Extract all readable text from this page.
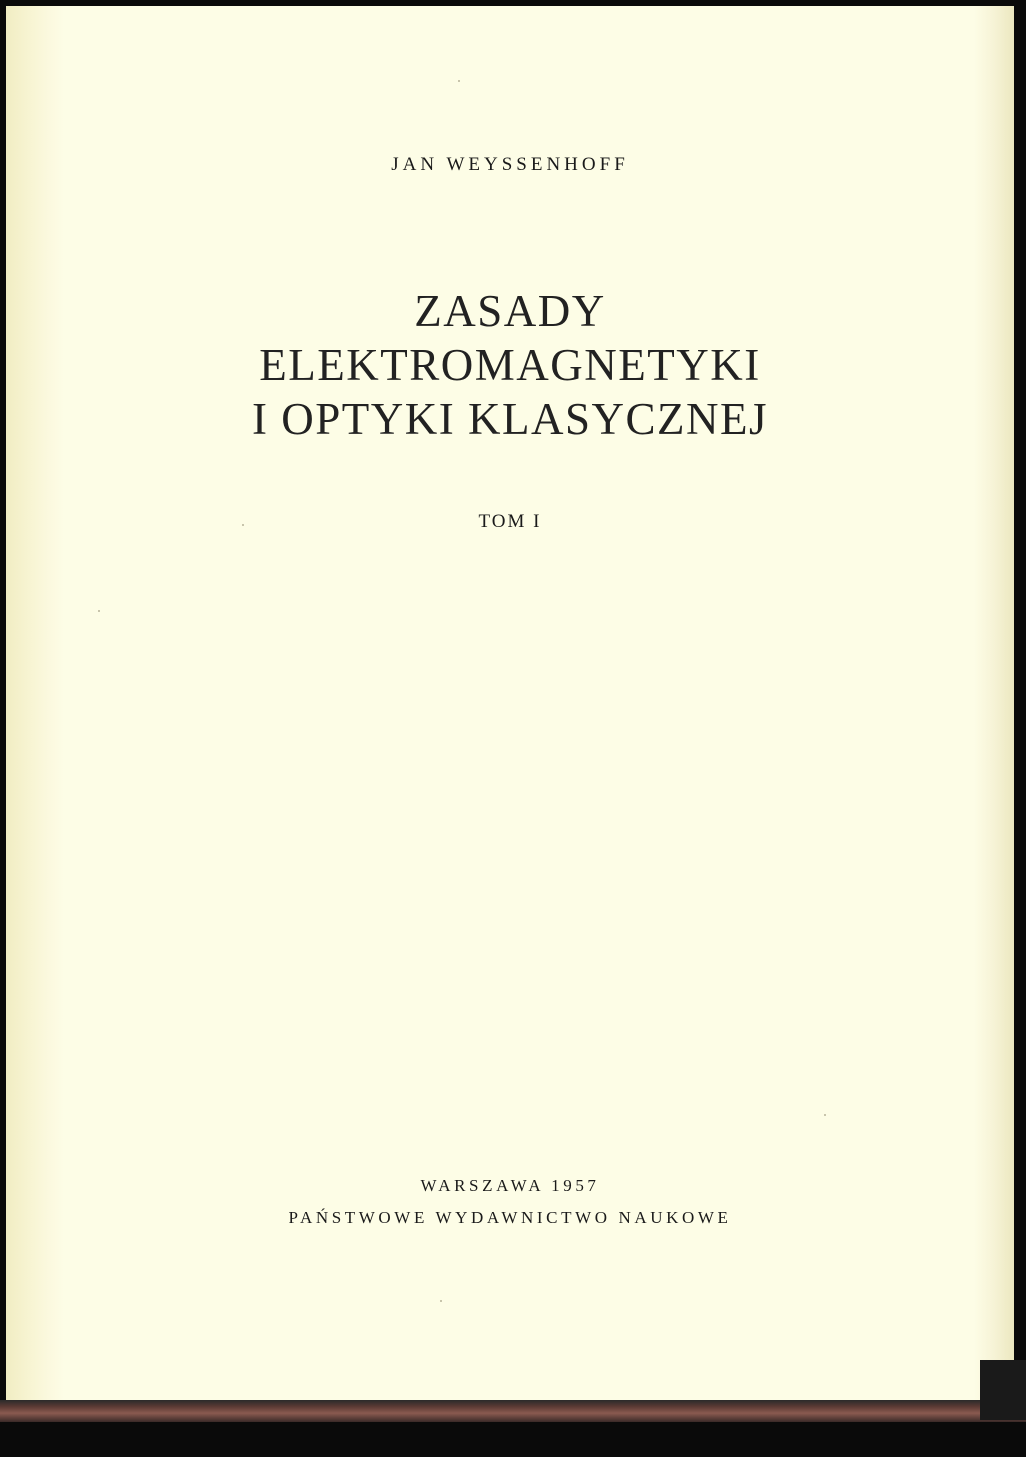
JAN WEYSSENHOFF

ZASADY
ELEKTROMAGNETYKI
I OPTYKI KLASYCZNEJ

TOM I

WARSZAWA 1957
PAŃSTWOWE WYDAWNICTWO NAUKOWE
